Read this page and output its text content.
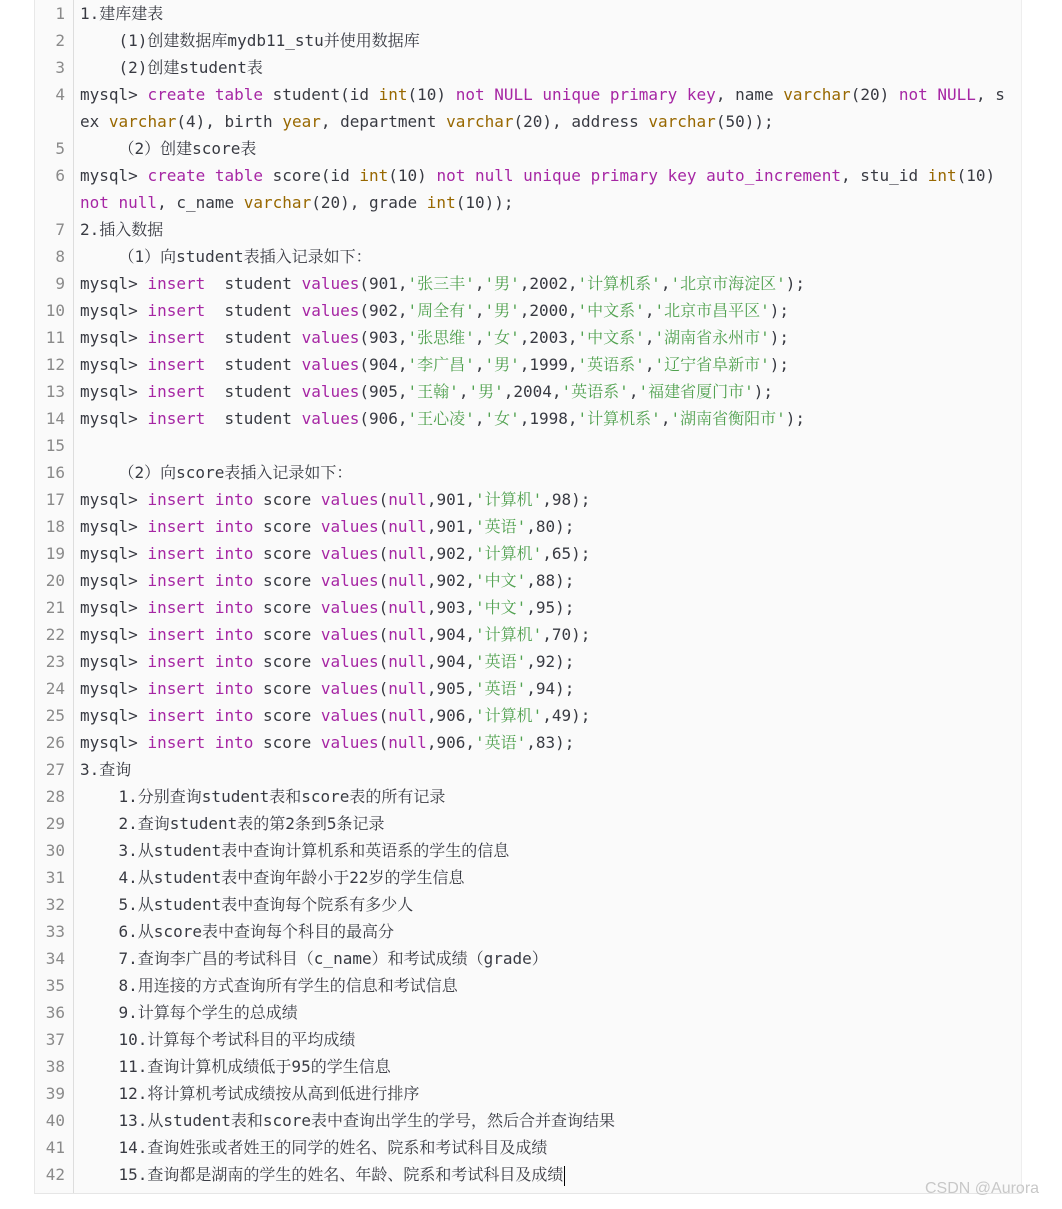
1 1.建库建表
2 (1)创建数据库mydb11_stu并使用数据库
3 (2)创建student表
4 mysql> create table student(id int(10) not NULL unique primary key, name varchar(20) not NULL, sex varchar(4), birth year, department varchar(20), address varchar(50));
5 （2）创建score表
6 mysql> create table score(id int(10) not null unique primary key auto_increment, stu_id int(10) not null, c_name varchar(20), grade int(10));
7 2.插入数据
8 （1）向student表插入记录如下：
9 mysql> insert  student values(901,'张三丰','男',2002,'计算机系','北京市海淀区');
10 mysql> insert  student values(902,'周全有','男',2000,'中文系','北京市昌平区');
11 mysql> insert  student values(903,'张思维','女',2003,'中文系','湖南省永州市');
12 mysql> insert  student values(904,'李广昌','男',1999,'英语系','辽宁省阜新市');
13 mysql> insert  student values(905,'王翰','男',2004,'英语系','福建省厦门市');
14 mysql> insert  student values(906,'王心凌','女',1998,'计算机系','湖南省衡阳市');
15
16 （2）向score表插入记录如下：
17 mysql> insert into score values(null,901,'计算机',98);
18 mysql> insert into score values(null,901,'英语',80);
19 mysql> insert into score values(null,902,'计算机',65);
20 mysql> insert into score values(null,902,'中文',88);
21 mysql> insert into score values(null,903,'中文',95);
22 mysql> insert into score values(null,904,'计算机',70);
23 mysql> insert into score values(null,904,'英语',92);
24 mysql> insert into score values(null,905,'英语',94);
25 mysql> insert into score values(null,906,'计算机',49);
26 mysql> insert into score values(null,906,'英语',83);
27 3.查询
28 1.分别查询student表和score表的所有记录
29 2.查询student表的第2条到5条记录
30 3.从student表中查询计算机系和英语系的学生的信息
31 4.从student表中查询年龄小于22岁的学生信息
32 5.从student表中查询每个院系有多少人
33 6.从score表中查询每个科目的最高分
34 7.查询李广昌的考试科目（c_name）和考试成绩（grade）
35 8.用连接的方式查询所有学生的信息和考试信息
36 9.计算每个学生的总成绩
37 10.计算每个考试科目的平均成绩
38 11.查询计算机成绩低于95的学生信息
39 12.将计算机考试成绩按从高到低进行排序
40 13.从student表和score表中查询出学生的学号，然后合并查询结果
41 14.查询姓张或者姓王的同学的姓名、院系和考试科目及成绩
42 15.查询都是湖南的学生的姓名、年龄、院系和考试科目及成绩
CSDN @Aurora
